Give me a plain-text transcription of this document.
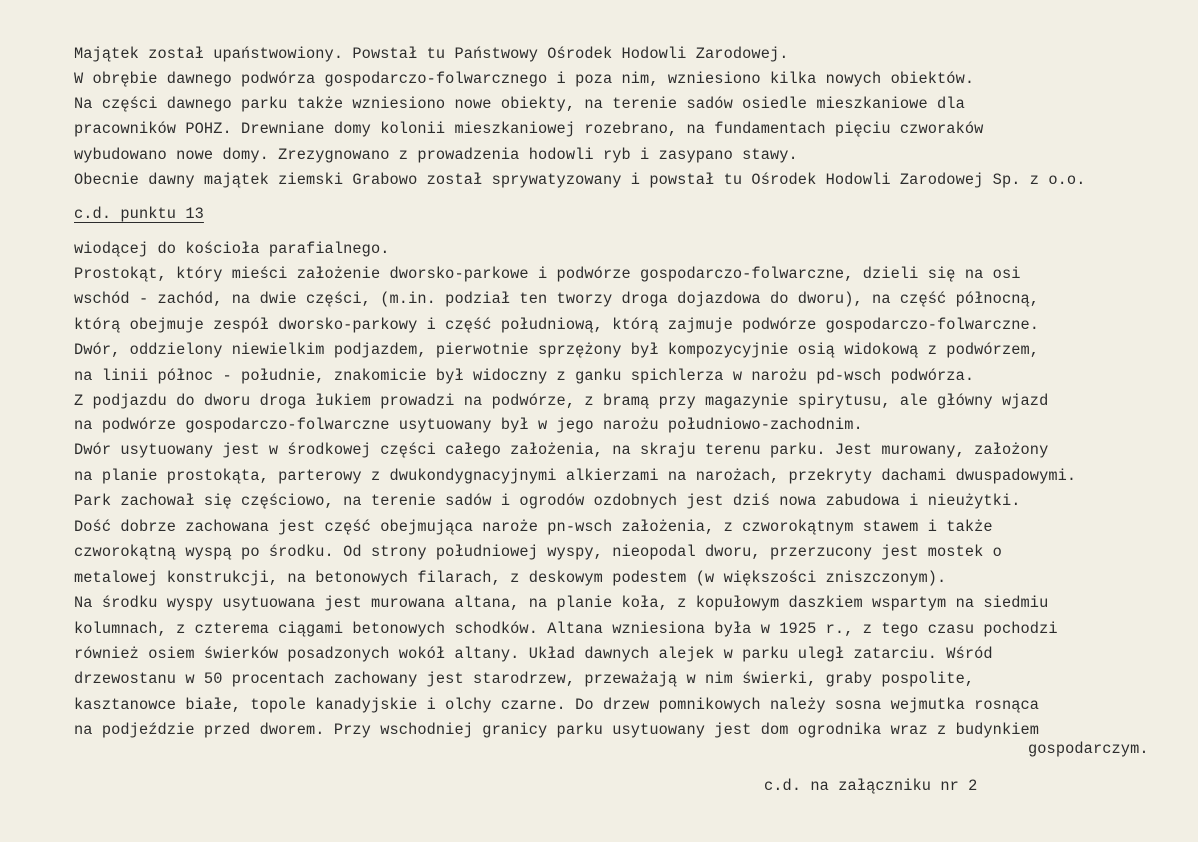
Majątek został upaństwowiony. Powstał tu Państwowy Ośrodek Hodowli Zarodowej.
W obrębie dawnego podwórza gospodarczo-folwarcznego i poza nim, wzniesiono kilka nowych obiektów.
Na części dawnego parku także wzniesiono nowe obiekty, na terenie sadów osiedle mieszkaniowe dla
pracowników POHZ. Drewniane domy kolonii mieszkaniowej rozebrano, na fundamentach pięciu czworaków
wybudowano nowe domy. Zrezygnowano z prowadzenia hodowli ryb i zasypano stawy.
Obecnie dawny majątek ziemski Grabowo został sprywatyzowany i powstał tu Ośrodek Hodowli Zarodowej Sp. z o.o.
c.d. punktu 13
wiodącej do kościoła parafialnego.
Prostokąt, który mieści założenie dworsko-parkowe i podwórze gospodarczo-folwarczne, dzieli się na osi
wschód - zachód, na dwie części, (m.in. podział ten tworzy droga dojazdowa do dworu), na część północną,
którą obejmuje zespół dworsko-parkowy i część południową, którą zajmuje podwórze gospodarczo-folwarczne.
Dwór, oddzielony niewielkim podjazdem, pierwotnie sprzężony był kompozycyjnie osią widokową z podwórzem,
na linii północ - południe, znakomicie był widoczny z ganku spichlerza w narożu pd-wsch podwórza.
Z podjazdu do dworu droga łukiem prowadzi na podwórze, z bramą przy magazynie spirytusu, ale główny wjazd
na podwórze gospodarczo-folwarczne usytuowany był w jego narożu południowo-zachodnim.
Dwór usytuowany jest w środkowej części całego założenia, na skraju terenu parku. Jest murowany, założony
na planie prostokąta, parterowy z dwukondygnacyjnymi alkierzami na narożach, przekryty dachami dwuspadowymi.
Park zachował się częściowo, na terenie sadów i ogrodów ozdobnych jest dziś nowa zabudowa i nieużytki.
Dość dobrze zachowana jest część obejmująca naroże pn-wsch założenia, z czworokątnym stawem i także
czworokątną wyspą po środku. Od strony południowej wyspy, nieopodal dworu, przerzucony jest mostek o
metalowej konstrukcji, na betonowych filarach, z deskowym podestem (w większości zniszczonym).
Na środku wyspy usytuowana jest murowana altana, na planie koła, z kopułowym daszkiem wspartym na siedmiu
kolumnach, z czterema ciągami betonowych schodków. Altana wzniesiona była w 1925 r., z tego czasu pochodzi
również osiem świerków posadzonych wokół altany. Układ dawnych alejek w parku uległ zatarciu. Wśród
drzewostanu w 50 procentach zachowany jest starodrzew, przeważają w nim świerki, graby pospolite,
kasztanowce białe, topole kanadyjskie i olchy czarne. Do drzew pomnikowych należy sosna wejmutka rosnąca
na podjeździe przed dworem. Przy wschodniej granicy parku usytuowany jest dom ogrodnika wraz z budynkiem
gospodarczym.
c.d. na załączniku nr 2
